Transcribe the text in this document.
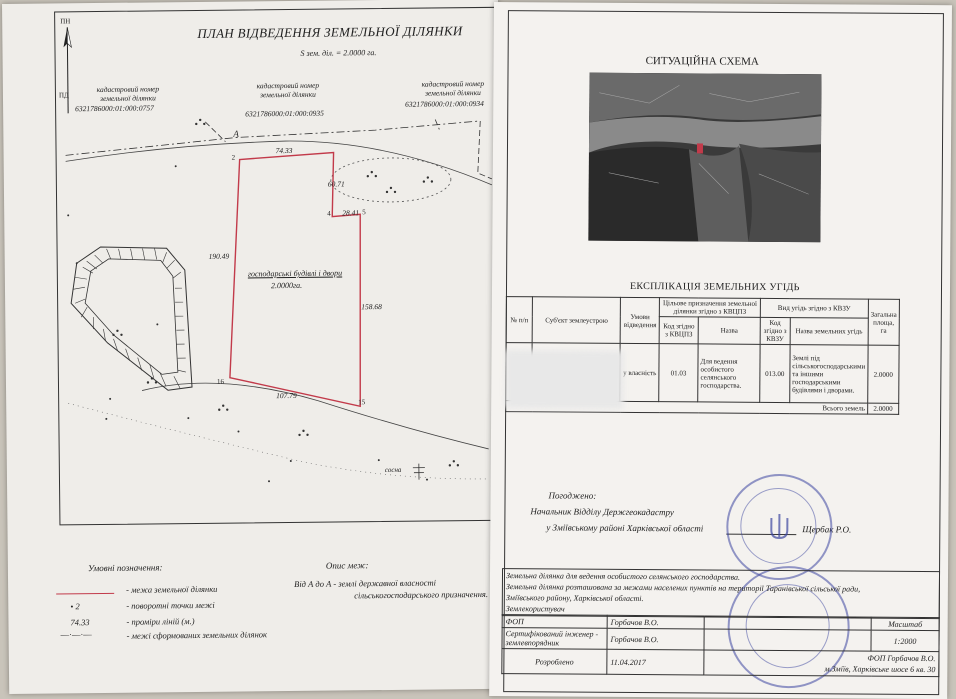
ПЛАН ВІДВЕДЕННЯ ЗЕМЕЛЬНОЇ ДІЛЯНКИ
S зем. діл. = 2.0000 га.
ПН
ПД
кадастровий номер земельної ділянки
6321786000:01:000:0757
кадастровий номер земельної ділянки
6321786000:01:000:0935
кадастровий номер земельної ділянки
6321786000:01:000:0934
A
2
4	5
15
16
74.33
60.71
28.41
190.49
158.68
107.79
господарські будівлі і двори
2.0000га.
сосна
Умовні позначення:
- межа земельної ділянки
• 2	- поворотні точки межі
74.33	- проміри ліній (м.)
—·—·—	- межі сформованих земельних ділянок
Опис меж:
Від А до А - землі державної власності
сільськогосподарського призначення.
СИТУАЦІЙНА СХЕМА
ЕКСПЛІКАЦІЯ ЗЕМЕЛЬНИХ УГІДЬ
№ п/п	Суб'єкт землеустрою	Умови відведення	Цільове призначення земельної ділянки згідно з КВЦПЗ		Вид угідь згідно з КВЗУ		Загальна площа, га
			Код згідно з КВЦПЗ	Назва	Код згідно з КВЗУ	Назва земельних угідь	
		у власність	01.03	Для ведення особистого селянського господарства.	013.00	Землі під сільськогосподарськими та іншими господарськими будівлями і дворами.	2.0000
Всього земель							2.0000
Погоджено:
Начальник Відділу Держгеокадастру
у Зміївському районі Харківської області	Щербак Р.О.
Земельна ділянка для ведення особистого селянського господарства.
Земельна ділянка розташована за межами населених пунктів на території Таранівської сільської ради,
Зміївського району, Харківської області.
Землекористувач
ФОП	Горбачов В.О.		Масштаб
Сертифікований інженер - землевпорядник	Горбачов В.О.		1:2000
Розроблено	11.04.2017	ФОП Горбачов В.О.
м.Зміїв, Харківське шосе 6 кв. 30	
